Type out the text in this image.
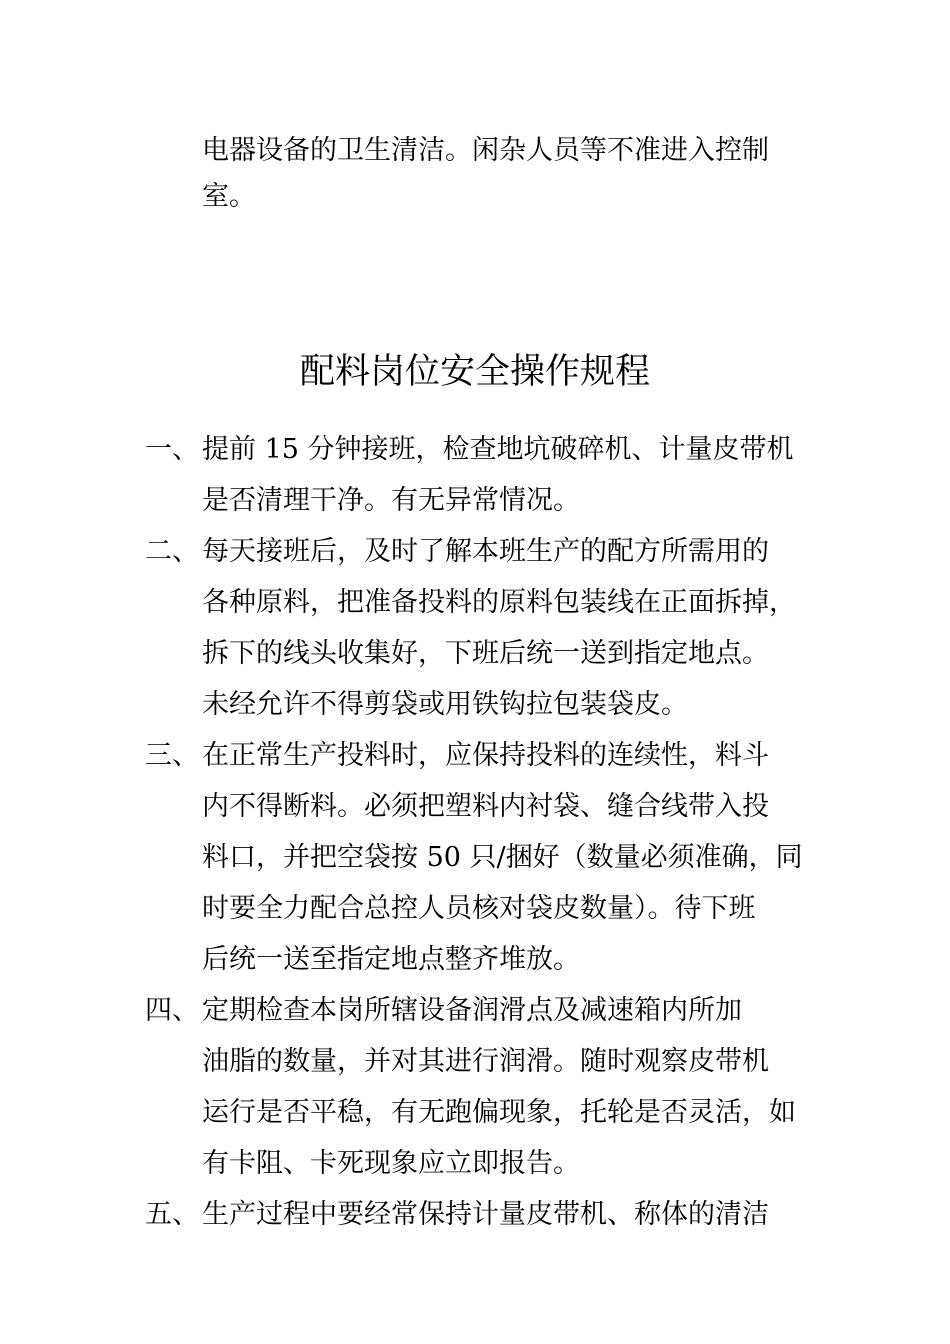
电器设备的卫生清洁。闲杂人员等不准进入控制
室。
配料岗位安全操作规程
一、 提前 15 分钟接班，检查地坑破碎机、计量皮带机
是否清理干净。有无异常情况。
二、 每天接班后，及时了解本班生产的配方所需用的
各种原料，把准备投料的原料包装线在正面拆掉，
拆下的线头收集好，下班后统一送到指定地点。
未经允许不得剪袋或用铁钩拉包装袋皮。
三、 在正常生产投料时，应保持投料的连续性，料斗
内不得断料。必须把塑料内衬袋、缝合线带入投
料口，并把空袋按 50 只/捆好（数量必须准确，同
时要全力配合总控人员核对袋皮数量）。待下班
后统一送至指定地点整齐堆放。
四、 定期检查本岗所辖设备润滑点及减速箱内所加
油脂的数量，并对其进行润滑。随时观察皮带机
运行是否平稳，有无跑偏现象，托轮是否灵活，如
有卡阻、卡死现象应立即报告。
五、 生产过程中要经常保持计量皮带机、称体的清洁
